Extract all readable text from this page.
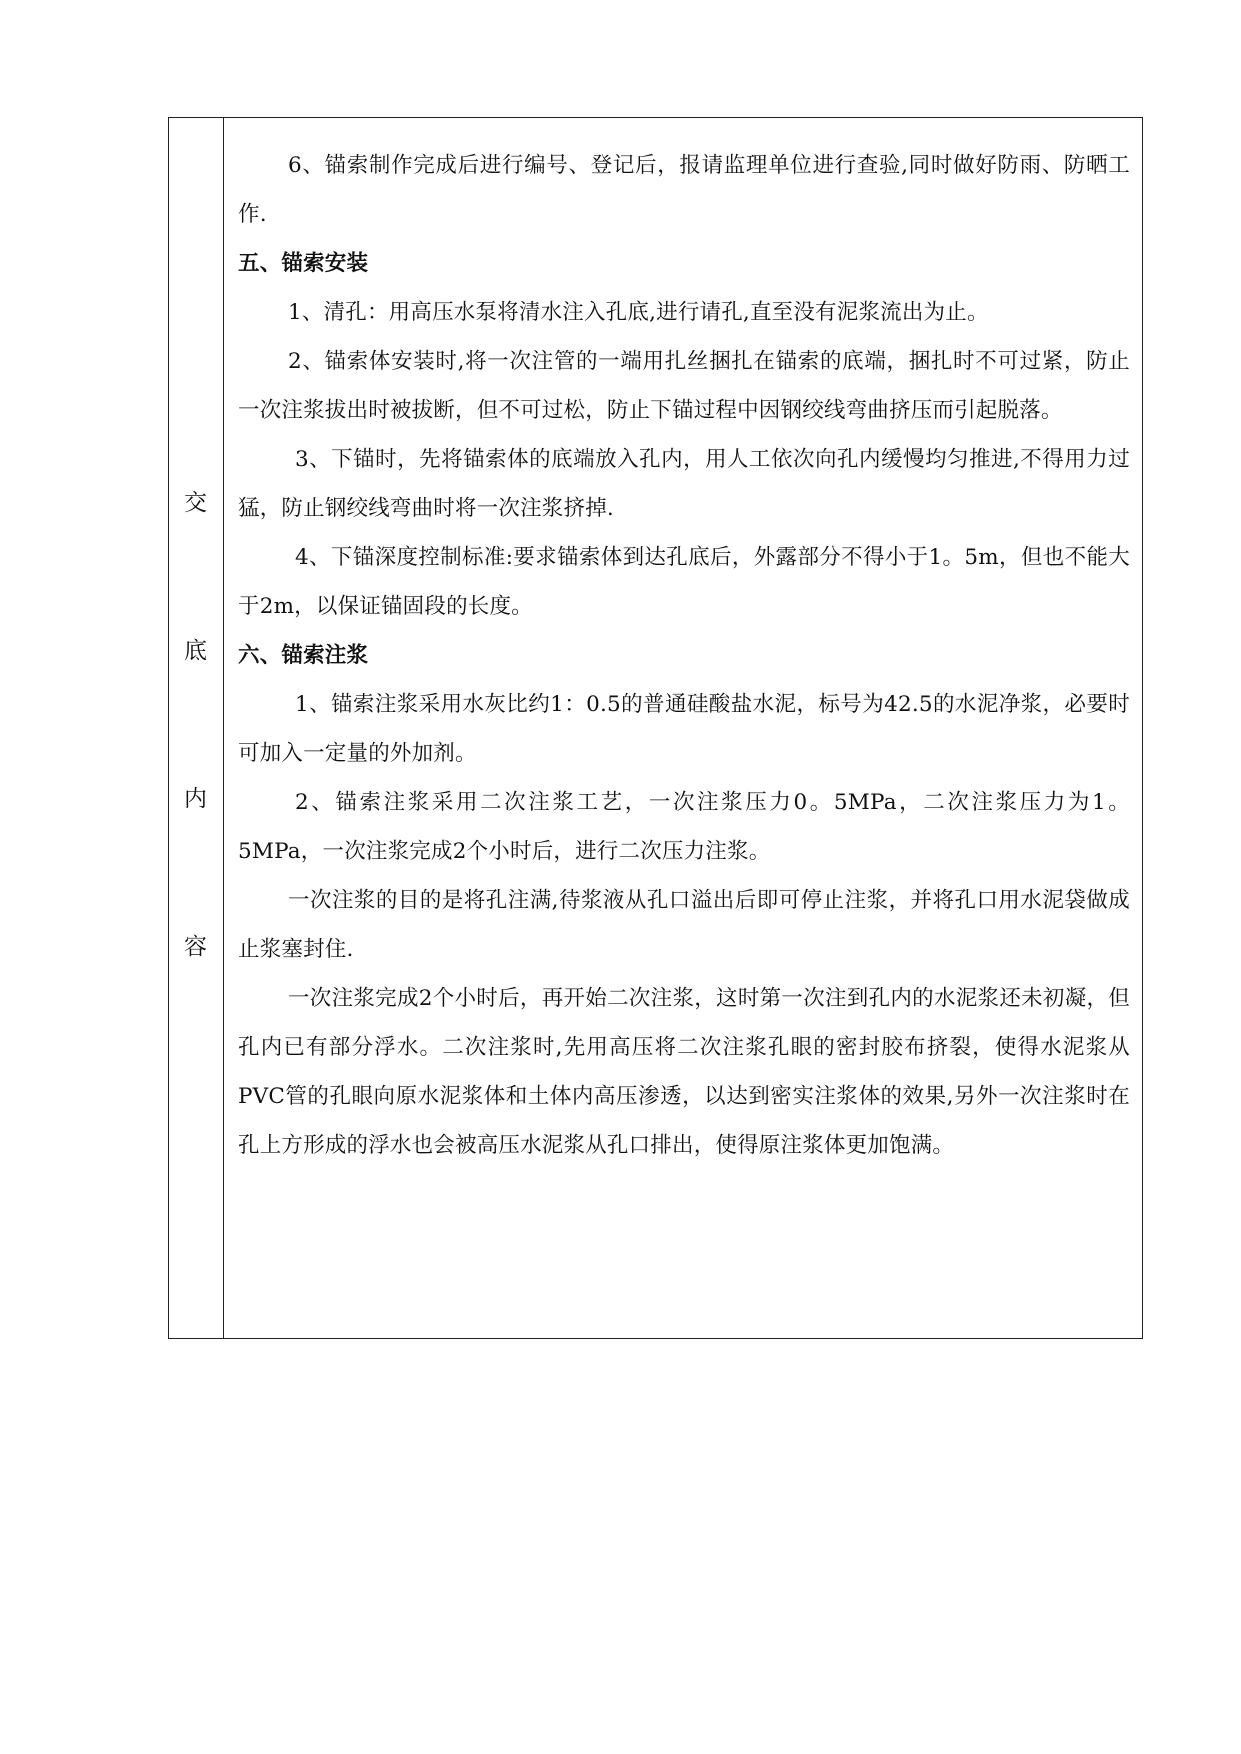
交
底
内
容

6、锚索制作完成后进行编号、登记后，报请监理单位进行查验,同时做好防雨、防晒工作.

五、锚索安装

1、清孔：用高压水泵将清水注入孔底,进行请孔,直至没有泥浆流出为止。

2、锚索体安装时,将一次注管的一端用扎丝捆扎在锚索的底端，捆扎时不可过紧，防止一次注浆拔出时被拔断，但不可过松，防止下锚过程中因钢绞线弯曲挤压而引起脱落。

3、下锚时，先将锚索体的底端放入孔内，用人工依次向孔内缓慢均匀推进,不得用力过猛，防止钢绞线弯曲时将一次注浆挤掉.

4、下锚深度控制标准:要求锚索体到达孔底后，外露部分不得小于1。5m，但也不能大于2m，以保证锚固段的长度。

六、锚索注浆

1、锚索注浆采用水灰比约1：0.5的普通硅酸盐水泥，标号为42.5的水泥净浆，必要时可加入一定量的外加剂。

2、锚索注浆采用二次注浆工艺，一次注浆压力0。5MPa，二次注浆压力为1。5MPa，一次注浆完成2个小时后，进行二次压力注浆。

一次注浆的目的是将孔注满,待浆液从孔口溢出后即可停止注浆，并将孔口用水泥袋做成止浆塞封住.

一次注浆完成2个小时后，再开始二次注浆，这时第一次注到孔内的水泥浆还未初凝，但孔内已有部分浮水。二次注浆时,先用高压将二次注浆孔眼的密封胶布挤裂，使得水泥浆从PVC管的孔眼向原水泥浆体和土体内高压渗透，以达到密实注浆体的效果,另外一次注浆时在孔上方形成的浮水也会被高压水泥浆从孔口排出，使得原注浆体更加饱满。
